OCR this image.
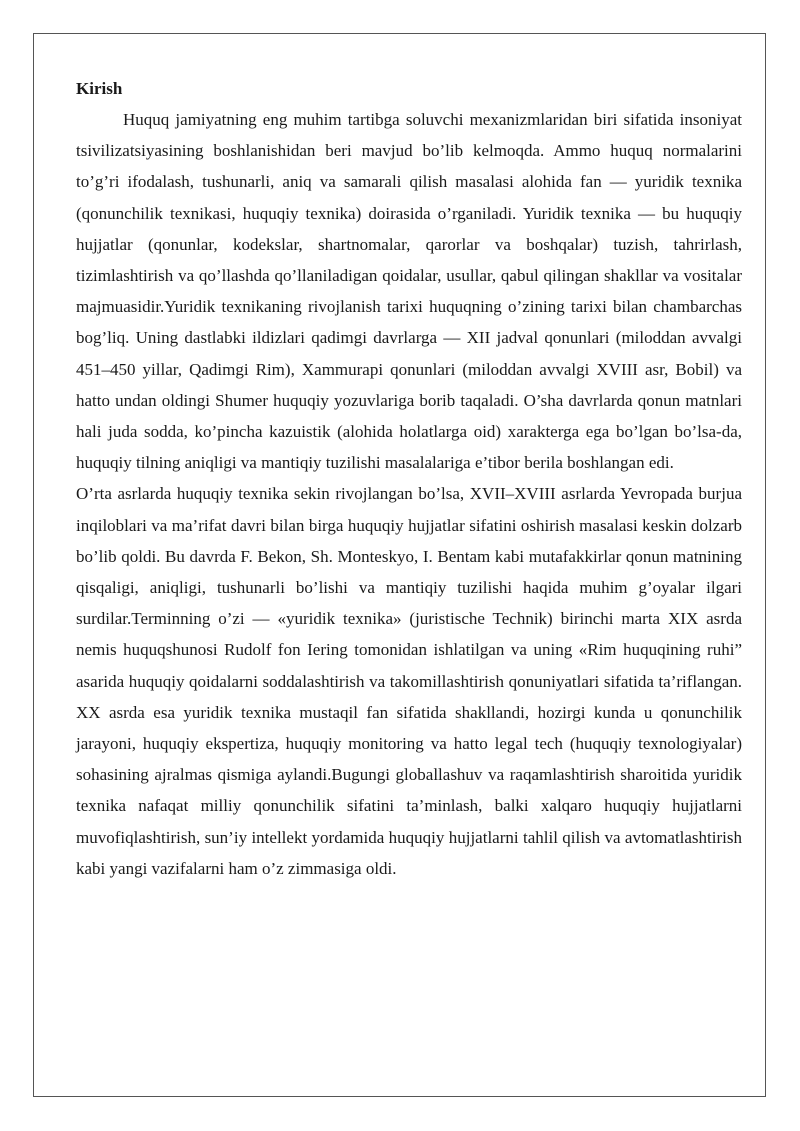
Kirish

Huquq jamiyatning eng muhim tartibga soluvchi mexanizmlaridan biri sifatida insoniyat tsivilizatsiyasining boshlanishidan beri mavjud bo’lib kelmoqda. Ammo huquq normalarini to’g’ri ifodalash, tushunarli, aniq va samarali qilish masalasi alohida fan — yuridik texnika (qonunchilik texnikasi, huquqiy texnika) doirasida o’rganiladi. Yuridik texnika — bu huquqiy hujjatlar (qonunlar, kodekslar, shartnomalar, qarorlar va boshqalar) tuzish, tahrirlash, tizimlashtirish va qo’llashda qo’llaniladigan qoidalar, usullar, qabul qilingan shakllar va vositalar majmuasidir.Yuridik texnikaning rivojlanish tarixi huquqning o’zining tarixi bilan chambarchas bog’liq. Uning dastlabki ildizlari qadimgi davrlarga — XII jadval qonunlari (miloddan avvalgi 451–450 yillar, Qadimgi Rim), Xammurapi qonunlari (miloddan avvalgi XVIII asr, Bobil) va hatto undan oldingi Shumer huquqiy yozuvlariga borib taqaladi. O’sha davrlarda qonun matnlari hali juda sodda, ko’pincha kazuistik (alohida holatlarga oid) xarakterga ega bo’lgan bo’lsa-da, huquqiy tilning aniqligi va mantiqiy tuzilishi masalalariga e’tibor berila boshlangan edi.

O’rta asrlarda huquqiy texnika sekin rivojlangan bo’lsa, XVII–XVIII asrlarda Yevropada burjua inqiloblari va ma’rifat davri bilan birga huquqiy hujjatlar sifatini oshirish masalasi keskin dolzarb bo’lib qoldi. Bu davrda F. Bekon, Sh. Monteskyo, I. Bentam kabi mutafakkirlar qonun matnining qisqaligi, aniqligi, tushunarli bo’lishi va mantiqiy tuzilishi haqida muhim g’oyalar ilgari surdilar.Terminning o’zi — «yuridik texnika» (juristische Technik) birinchi marta XIX asrda nemis huquqshunosi Rudolf fon Iering tomonidan ishlatilgan va uning «Rim huquqining ruhi” asarida huquqiy qoidalarni soddalashtirish va takomillashtirish qonuniyatlari sifatida ta’riflangan. XX asrda esa yuridik texnika mustaqil fan sifatida shakllandi, hozirgi kunda u qonunchilik jarayoni, huquqiy ekspertiza, huquqiy monitoring va hatto legal tech (huquqiy texnologiyalar) sohasining ajralmas qismiga aylandi.Bugungi globallashuv va raqamlashtirish sharoitida yuridik texnika nafaqat milliy qonunchilik sifatini ta’minlash, balki xalqaro huquqiy hujjatlarni muvofiqlashtirish, sun’iy intellekt yordamida huquqiy hujjatlarni tahlil qilish va avtomatlashtirish kabi yangi vazifalarni ham o’z zimmasiga oldi.
